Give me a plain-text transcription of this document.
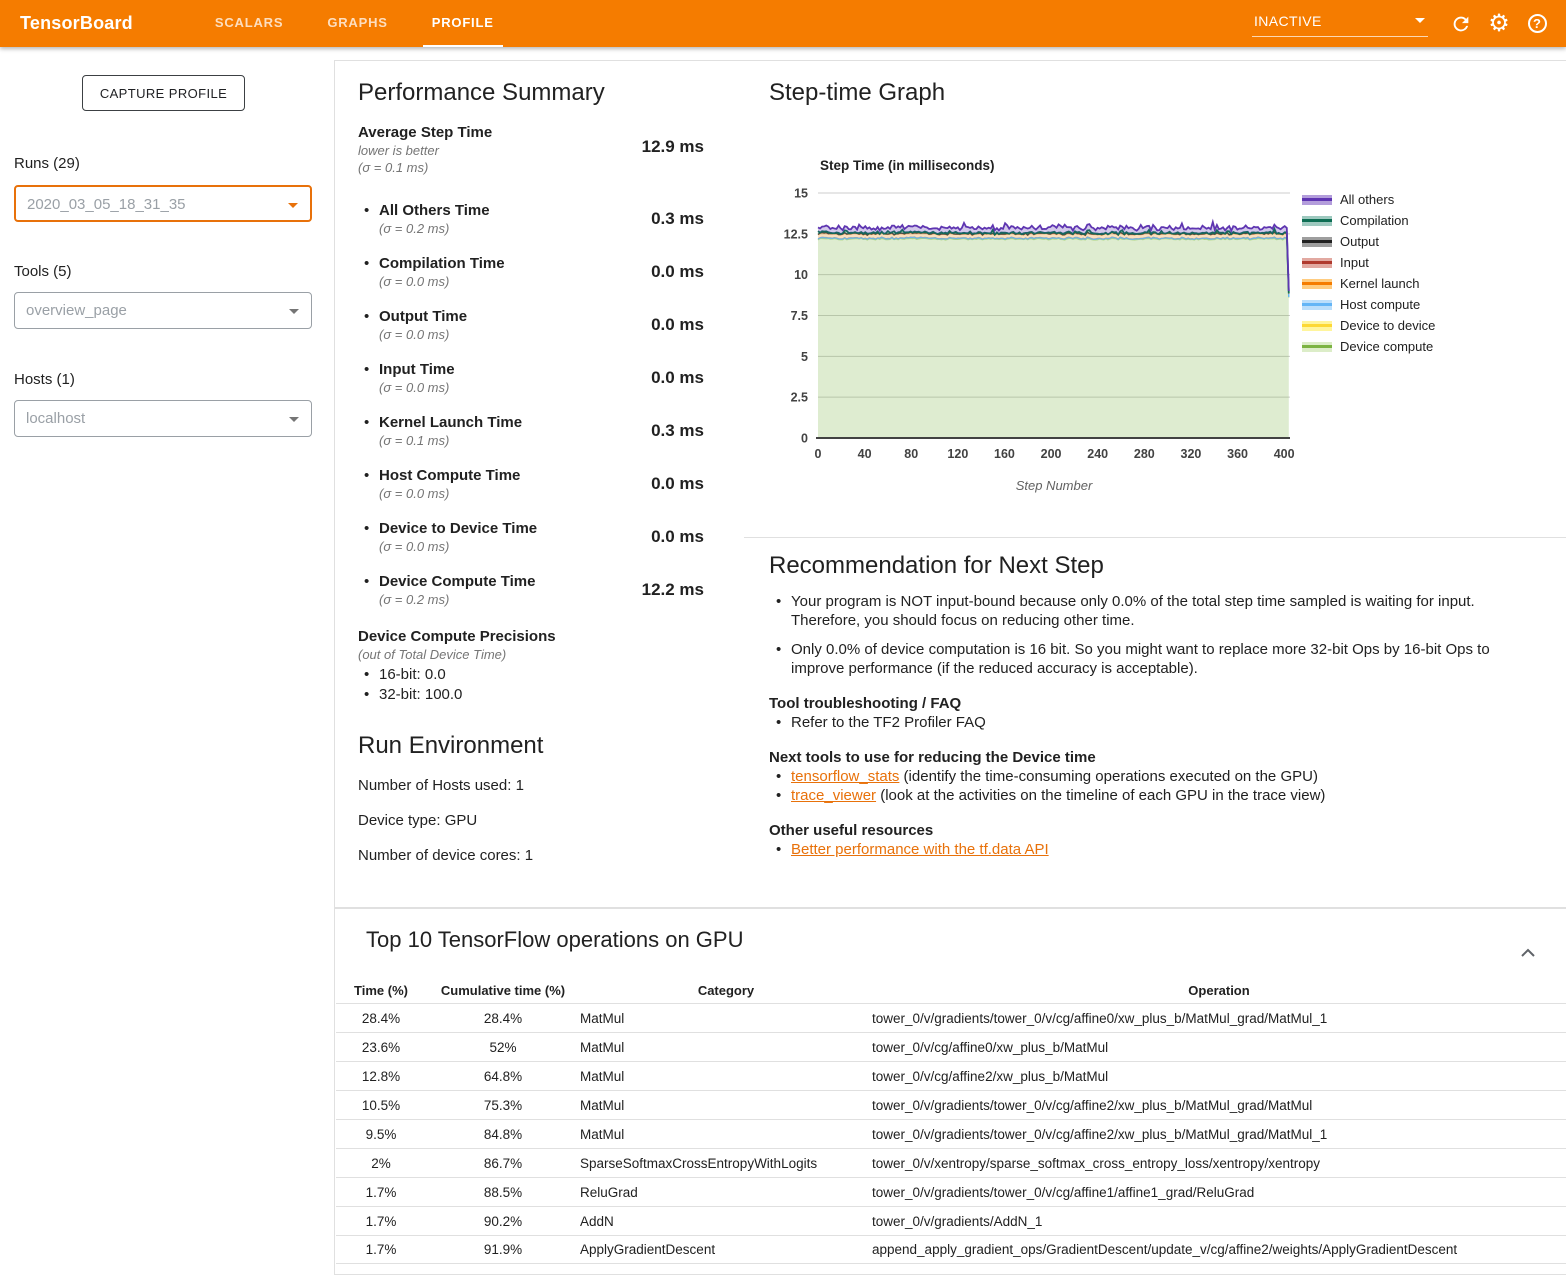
TensorBoard	SCALARS	GRAPHS	PROFILE	INACTIVE	⚙	?
CAPTURE PROFILE
Runs (29)
2020_03_05_18_31_35
Tools (5)
overview_page
Hosts (1)
localhost
Performance Summary
Average Step Time
lower is better
(σ = 0.1 ms)
12.9 ms
• All Others Time
(σ = 0.2 ms)
0.3 ms
• Compilation Time
(σ = 0.0 ms)
0.0 ms
• Output Time
(σ = 0.0 ms)
0.0 ms
• Input Time
(σ = 0.0 ms)
0.0 ms
• Kernel Launch Time
(σ = 0.1 ms)
0.3 ms
• Host Compute Time
(σ = 0.0 ms)
0.0 ms
• Device to Device Time
(σ = 0.0 ms)
0.0 ms
• Device Compute Time
(σ = 0.2 ms)
12.2 ms
Device Compute Precisions
(out of Total Device Time)
• 16-bit: 0.0
• 32-bit: 100.0
Run Environment
Number of Hosts used: 1
Device type: GPU
Number of device cores: 1
Step-time Graph
Step Time (in milliseconds)
0
2.5
5
7.5
10
12.5
15
0	40	80 120 160 200 240 280 320 360 400
Step Number
All others
Compilation
Output
Input
Kernel launch
Host compute
Device to device
Device compute
Recommendation for Next Step
• Your program is NOT input-bound because only 0.0% of the total step time sampled is waiting for input. Therefore, you should focus on reducing other time.
• Only 0.0% of device computation is 16 bit. So you might want to replace more 32-bit Ops by 16-bit Ops to improve performance (if the reduced accuracy is acceptable).
Tool troubleshooting / FAQ
• Refer to the TF2 Profiler FAQ
Next tools to use for reducing the Device time
• tensorflow_stats (identify the time-consuming operations executed on the GPU)
• trace_viewer (look at the activities on the timeline of each GPU in the trace view)
Other useful resources
• Better performance with the tf.data API
Top 10 TensorFlow operations on GPU
Time (%)	Cumulative time (%)	Category	Operation
28.4%	28.4%	MatMul	tower_0/v/gradients/tower_0/v/cg/affine0/xw_plus_b/MatMul_grad/MatMul_1
23.6%	52%	MatMul	tower_0/v/cg/affine0/xw_plus_b/MatMul
12.8%	64.8%	MatMul	tower_0/v/cg/affine2/xw_plus_b/MatMul
10.5%	75.3%	MatMul	tower_0/v/gradients/tower_0/v/cg/affine2/xw_plus_b/MatMul_grad/MatMul
9.5%	84.8%	MatMul	tower_0/v/gradients/tower_0/v/cg/affine2/xw_plus_b/MatMul_grad/MatMul_1
2%	86.7%	SparseSoftmaxCrossEntropyWithLogits	tower_0/v/xentropy/sparse_softmax_cross_entropy_loss/xentropy/xentropy
1.7%	88.5%	ReluGrad	tower_0/v/gradients/tower_0/v/cg/affine1/affine1_grad/ReluGrad
1.7%	90.2%	AddN	tower_0/v/gradients/AddN_1
1.7%	91.9%	ApplyGradientDescent	append_apply_gradient_ops/GradientDescent/update_v/cg/affine2/weights/ApplyGradientDescent
